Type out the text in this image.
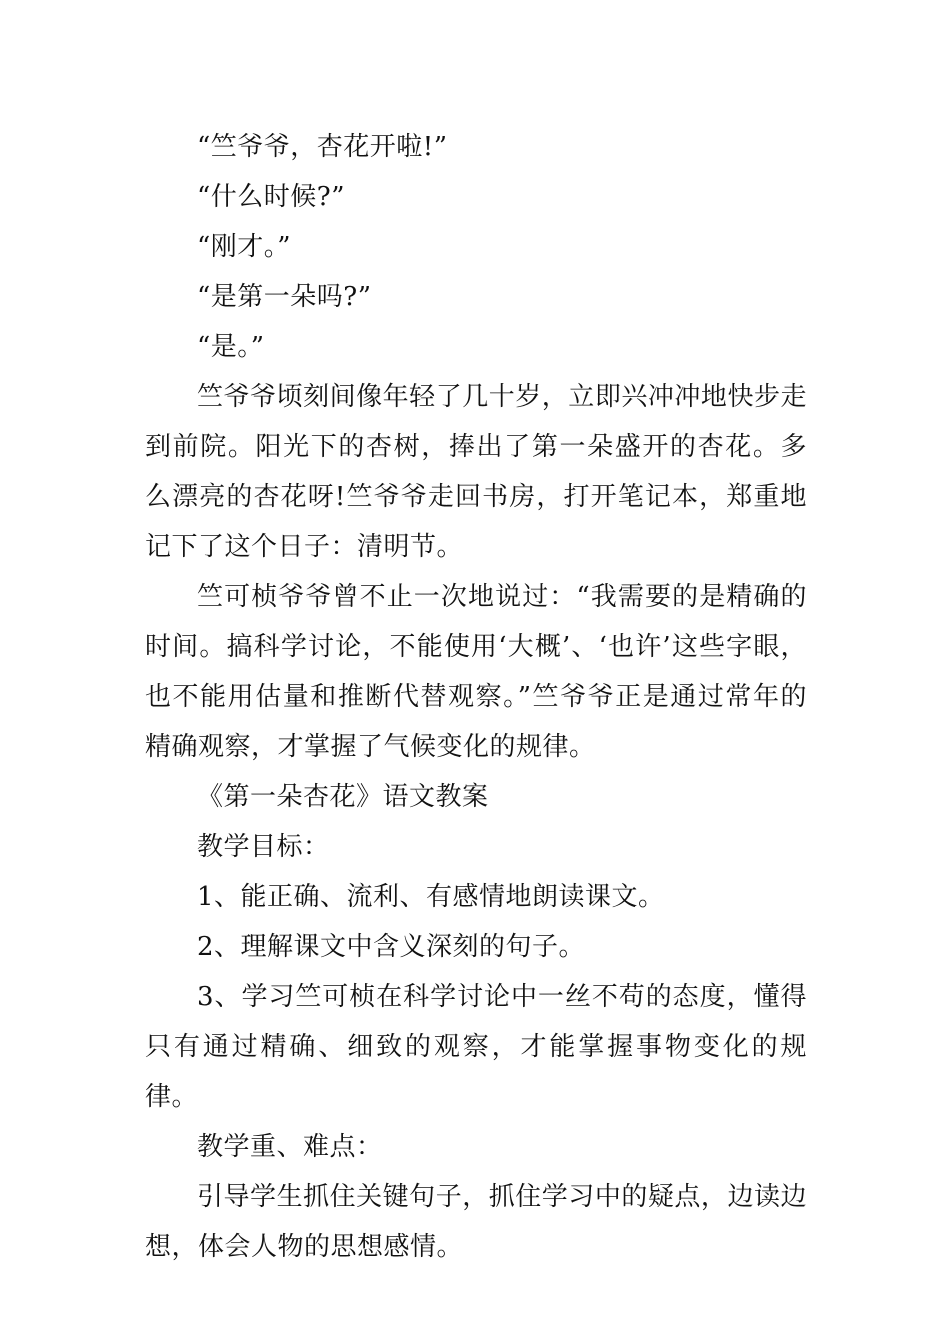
“竺爷爷，杏花开啦!”

“什么时候?”

“刚才。”

“是第一朵吗?”

“是。”

竺爷爷顷刻间像年轻了几十岁，立即兴冲冲地快步走到前院。阳光下的杏树，捧出了第一朵盛开的杏花。多么漂亮的杏花呀!竺爷爷走回书房，打开笔记本，郑重地记下了这个日子：清明节。

竺可桢爷爷曾不止一次地说过：“我需要的是精确的时间。搞科学讨论，不能使用‘大概’、‘也许’这些字眼，也不能用估量和推断代替观察。”竺爷爷正是通过常年的精确观察，才掌握了气候变化的规律。

《第一朵杏花》语文教案

教学目标：

1、能正确、流利、有感情地朗读课文。

2、理解课文中含义深刻的句子。

3、学习竺可桢在科学讨论中一丝不苟的态度，懂得只有通过精确、细致的观察，才能掌握事物变化的规律。

教学重、难点：

引导学生抓住关键句子，抓住学习中的疑点，边读边想，体会人物的思想感情。
